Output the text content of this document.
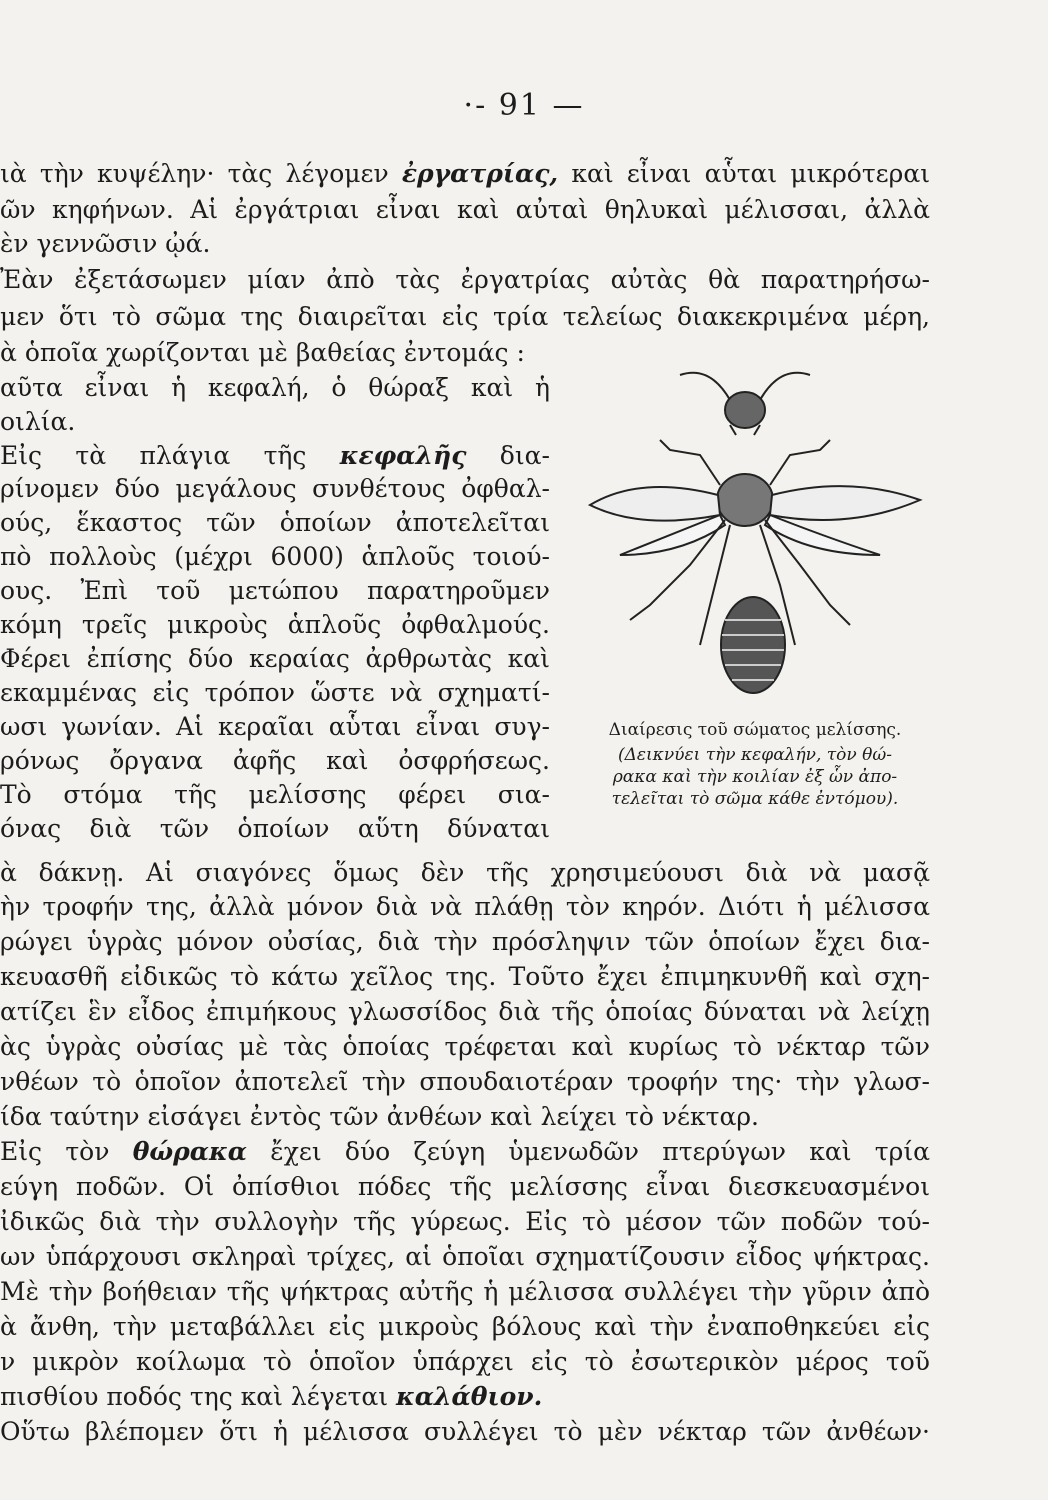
·- 91 —
ιὰ τὴν κυψέλην· τὰς λέγομεν ἐργατρίας, καὶ εἶναι αὗται μικρότεραι
ῶν κηφήνων. Αἱ ἐργάτριαι εἶναι καὶ αὐταὶ θηλυκαὶ μέλισσαι, ἀλλὰ
ὲν γεννῶσιν ᾠά.
Ἐὰν ἐξετάσωμεν μίαν ἀπὸ τὰς ἐργατρίας αὐτὰς θὰ παρατηρήσω-
μεν ὅτι τὸ σῶμα της διαιρεῖται εἰς τρία τελείως διακεκριμένα μέρη,
ὰ ὁποῖα χωρίζονται μὲ βαθείας ἐντομάς :
αῦτα εἶναι ἡ κεφαλή, ὁ θώραξ καὶ ἡ
οιλία.
Εἰς τὰ πλάγια τῆς κεφαλῆς δια-
ρίνομεν δύο μεγάλους συνθέτους ὀφθαλ-
ούς, ἕκαστος τῶν ὁποίων ἀποτελεῖται
πὸ πολλοὺς (μέχρι 6000) ἁπλοῦς τοιού-
ους. Ἐπὶ τοῦ μετώπου παρατηροῦμεν
κόμη τρεῖς μικροὺς ἁπλοῦς ὀφθαλμούς.
Φέρει ἐπίσης δύο κεραίας ἀρθρωτὰς καὶ
εκαμμένας εἰς τρόπον ὥστε νὰ σχηματί-
ωσι γωνίαν. Αἱ κεραῖαι αὗται εἶναι συγ-
ρόνως ὄργανα ἀφῆς καὶ ὀσφρήσεως.
Τὸ στόμα τῆς μελίσσης φέρει σια-
όνας διὰ τῶν ὁποίων αὕτη δύναται
ὰ δάκνῃ. Αἱ σιαγόνες ὅμως δὲν τῆς χρησιμεύουσι διὰ νὰ μασᾷ
ὴν τροφήν της, ἀλλὰ μόνον διὰ νὰ πλάθῃ τὸν κηρόν. Διότι ἡ μέλισσα
ρώγει ὑγρὰς μόνον οὐσίας, διὰ τὴν πρόσληψιν τῶν ὁποίων ἔχει δια-
κευασθῆ εἰδικῶς τὸ κάτω χεῖλος της. Τοῦτο ἔχει ἐπιμηκυνθῆ καὶ σχη-
ατίζει ἓν εἶδος ἐπιμήκους γλωσσίδος διὰ τῆς ὁποίας δύναται νὰ λείχῃ
ὰς ὑγρὰς οὐσίας μὲ τὰς ὁποίας τρέφεται καὶ κυρίως τὸ νέκταρ τῶν
νθέων τὸ ὁποῖον ἀποτελεῖ τὴν σπουδαιοτέραν τροφήν της· τὴν γλωσ-
ίδα ταύτην εἰσάγει ἐντὸς τῶν ἀνθέων καὶ λείχει τὸ νέκταρ.
Εἰς τὸν θώρακα ἔχει δύο ζεύγη ὑμενωδῶν πτερύγων καὶ τρία
εύγη ποδῶν. Οἱ ὀπίσθιοι πόδες τῆς μελίσσης εἶναι διεσκευασμένοι
ἰδικῶς διὰ τὴν συλλογὴν τῆς γύρεως. Εἰς τὸ μέσον τῶν ποδῶν τού-
ων ὑπάρχουσι σκληραὶ τρίχες, αἱ ὁποῖαι σχηματίζουσιν εἶδος ψήκτρας.
Μὲ τὴν βοήθειαν τῆς ψήκτρας αὐτῆς ἡ μέλισσα συλλέγει τὴν γῦριν ἀπὸ
ὰ ἄνθη, τὴν μεταβάλλει εἰς μικροὺς βόλους καὶ τὴν ἐναποθηκεύει εἰς
ν μικρὸν κοίλωμα τὸ ὁποῖον ὑπάρχει εἰς τὸ ἐσωτερικὸν μέρος τοῦ
πισθίου ποδός της καὶ λέγεται καλάθιον.
Οὕτω βλέπομεν ὅτι ἡ μέλισσα συλλέγει τὸ μὲν νέκταρ τῶν ἀνθέων·
Διαίρεσις τοῦ σώματος μελίσσης.
(Δεικνύει τὴν κεφαλήν, τὸν θώ-
ρακα καὶ τὴν κοιλίαν ἐξ ὧν ἀπο-
τελεῖται τὸ σῶμα κάθε ἐντόμου).
